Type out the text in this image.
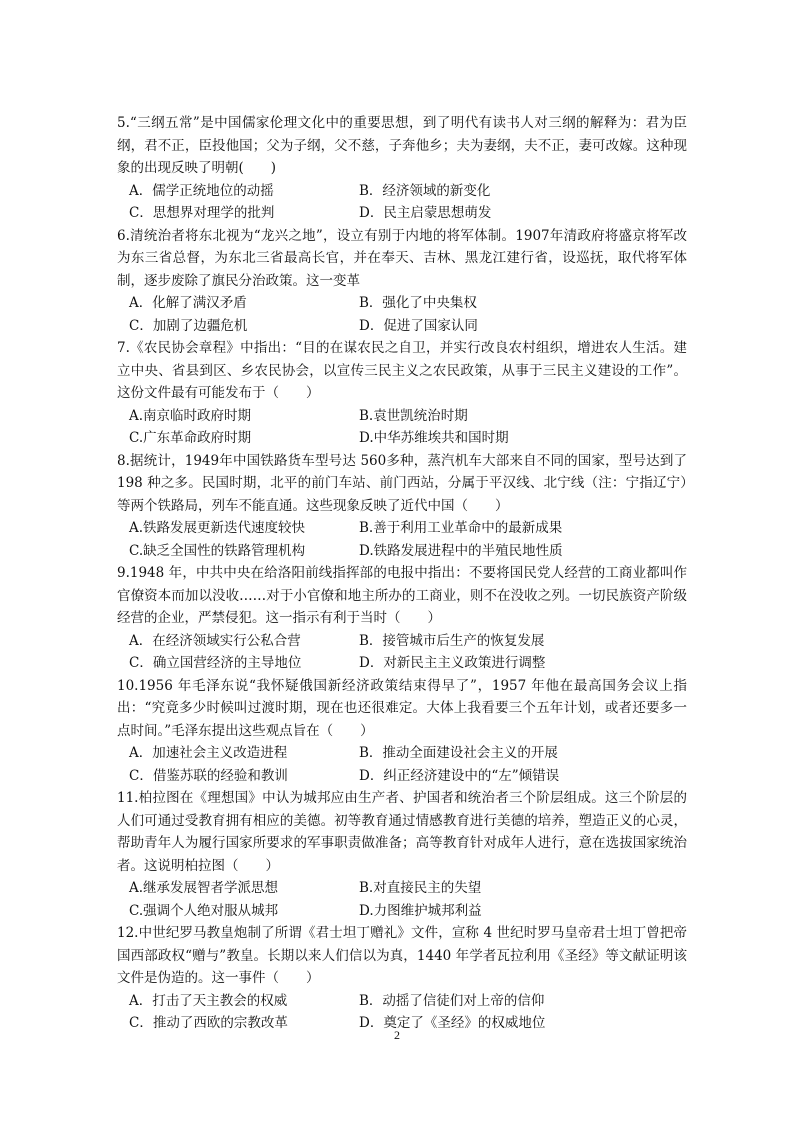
5.“三纲五常”是中国儒家伦理文化中的重要思想，到了明代有读书人对三纲的解释为：君为臣纲，君不正，臣投他国；父为子纲，父不慈，子奔他乡；夫为妻纲，夫不正，妻可改嫁。这种现象的出现反映了明朝(　　)

A．儒学正统地位的动摇	B．经济领域的新变化
C．思想界对理学的批判	D．民主启蒙思想萌发

6.清统治者将东北视为“龙兴之地”，设立有别于内地的将军体制。1907年清政府将盛京将军改为东三省总督，为东北三省最高长官，并在奉天、吉林、黑龙江建行省，设巡抚，取代将军体制，逐步废除了旗民分治政策。这一变革

A．化解了满汉矛盾	B．强化了中央集权
C．加剧了边疆危机	D．促进了国家认同

7.《农民协会章程》中指出：“目的在谋农民之自卫，并实行改良农村组织，增进农人生活。建立中央、省县到区、乡农民协会，以宣传三民主义之农民政策，从事于三民主义建设的工作”。这份文件最有可能发布于（　　）

A.南京临时政府时期	B.袁世凯统治时期
C.广东革命政府时期	D.中华苏维埃共和国时期

8.据统计，1949年中国铁路货车型号达 560多种，蒸汽机车大部来自不同的国家，型号达到了 198 种之多。民国时期，北平的前门车站、前门西站，分属于平汉线、北宁线（注：宁指辽宁）等两个铁路局，列车不能直通。这些现象反映了近代中国（　　）

A.铁路发展更新迭代速度较快	B.善于利用工业革命中的最新成果
C.缺乏全国性的铁路管理机构	D.铁路发展进程中的半殖民地性质

9.1948 年，中共中央在给洛阳前线指挥部的电报中指出：不要将国民党人经营的工商业都叫作官僚资本而加以没收……对于小官僚和地主所办的工商业，则不在没收之列。一切民族资产阶级经营的企业，严禁侵犯。这一指示有利于当时（　　）

A．在经济领域实行公私合营	B．接管城市后生产的恢复发展
C．确立国营经济的主导地位	D．对新民主主义政策进行调整

10.1956 年毛泽东说“我怀疑俄国新经济政策结束得早了”，1957 年他在最高国务会议上指出：“究竟多少时候叫过渡时期，现在也还很难定。大体上我看要三个五年计划，或者还要多一点时间。”毛泽东提出这些观点旨在（　　）

A．加速社会主义改造进程	B．推动全面建设社会主义的开展
C．借鉴苏联的经验和教训	D．纠正经济建设中的“左”倾错误

11.柏拉图在《理想国》中认为城邦应由生产者、护国者和统治者三个阶层组成。这三个阶层的人们可通过受教育拥有相应的美德。初等教育通过情感教育进行美德的培养，塑造正义的心灵，帮助青年人为履行国家所要求的军事职责做准备；高等教育针对成年人进行，意在选拔国家统治者。这说明柏拉图（　　）

A.继承发展智者学派思想	B.对直接民主的失望
C.强调个人绝对服从城邦	D.力图维护城邦利益

12.中世纪罗马教皇炮制了所谓《君士坦丁赠礼》文件，宣称 4 世纪时罗马皇帝君士坦丁曾把帝国西部政权“赠与”教皇。长期以来人们信以为真，1440 年学者瓦拉利用《圣经》等文献证明该文件是伪造的。这一事件（　　）

A．打击了天主教会的权威	B．动摇了信徒们对上帝的信仰
C．推动了西欧的宗教改革	D．奠定了《圣经》的权威地位
2
